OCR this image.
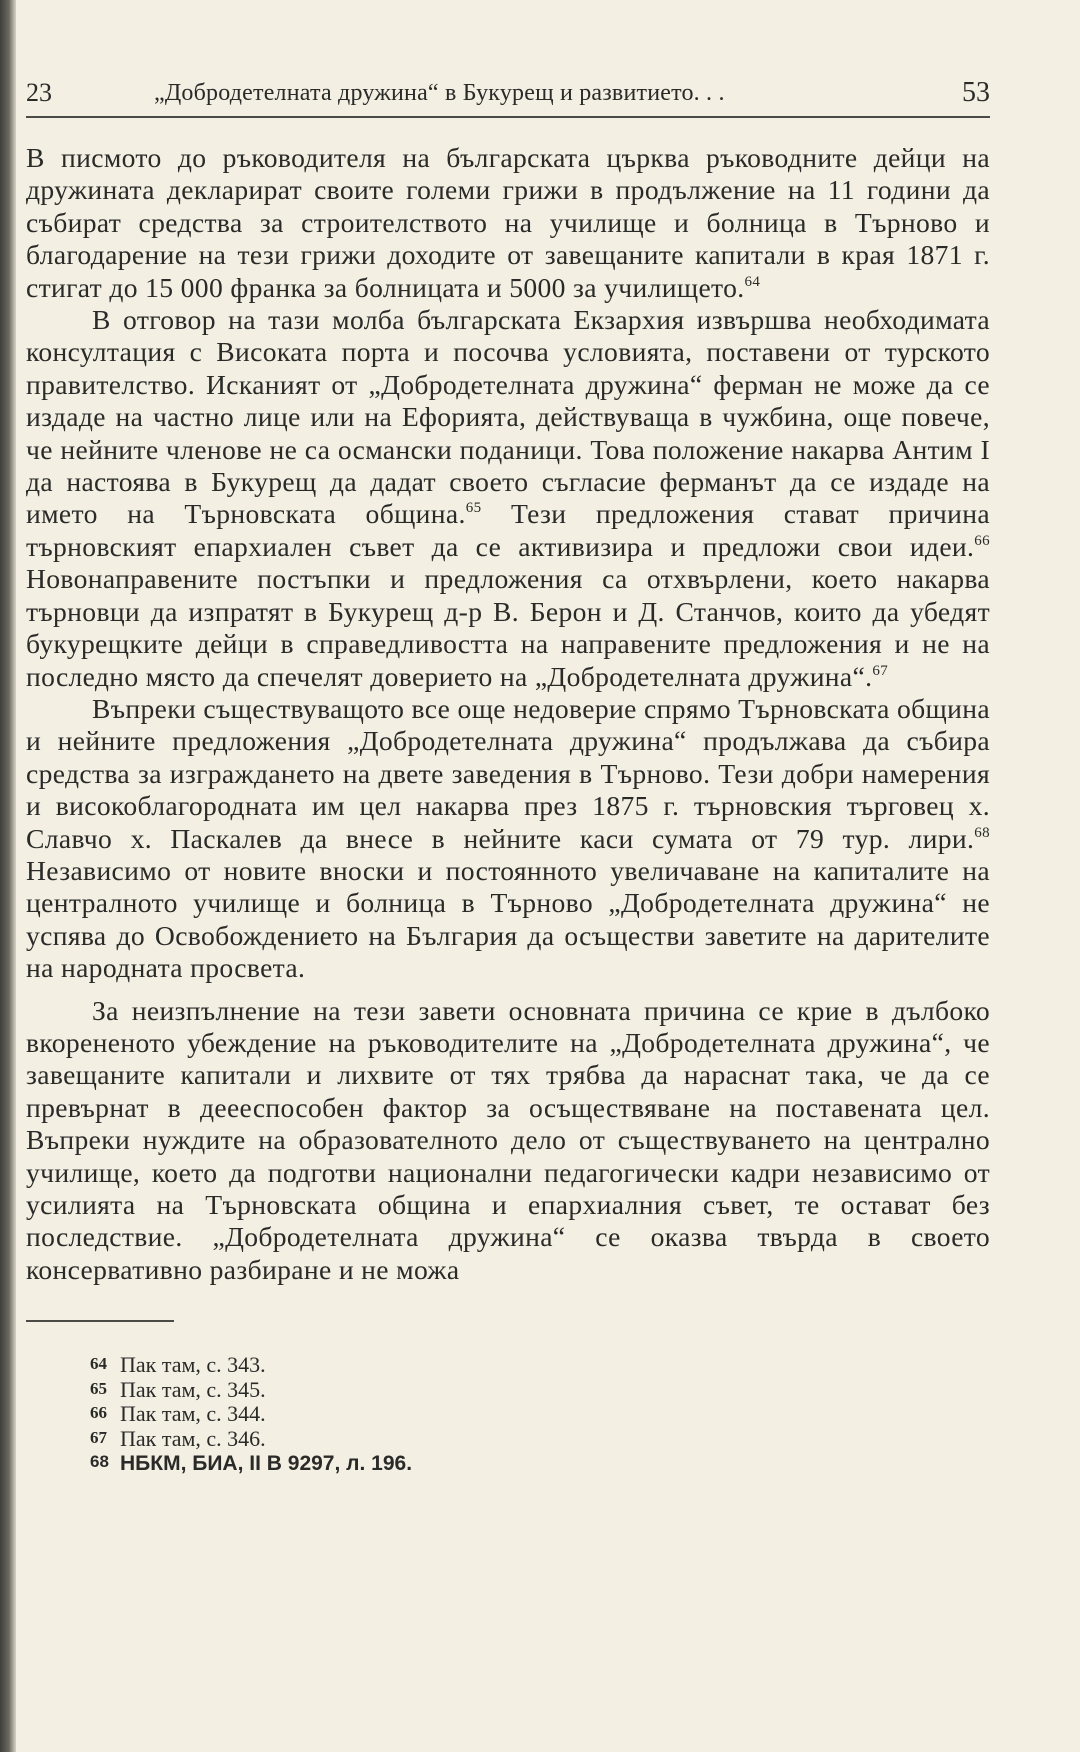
23	„Добродетелната дружина“ в Букурещ и развитието. . .	53

В писмото до ръководителя на българската църква ръководните дейци на дружината декларират своите големи грижи в продължение на 11 години да събират средства за строителството на училище и болница в Търново и благодарение на тези грижи доходите от завещаните капитали в края 1871 г. стигат до 15 000 франка за болницата и 5000 за училището.$^{64}$

В отговор на тази молба българската Екзархия извършва необходимата консултация с Високата порта и посочва условията, поставени от турското правителство. Исканият от „Добродетелната дружина“ ферман не може да се издаде на частно лице или на Ефорията, действуваща в чужбина, още повече, че нейните членове не са османски поданици. Това положение накарва Антим I да настоява в Букурещ да дадат своето съгласие ферманът да се издаде на името на Търновската община.$^{65}$ Тези предложения стават причина търновският епархиален съвет да се активизира и предложи свои идеи.$^{66}$ Новонаправените постъпки и предложения са отхвърлени, което накарва търновци да изпратят в Букурещ д-р В. Берон и Д. Станчов, които да убедят букурещките дейци в справедливостта на направените предложения и не на последно място да спечелят доверието на „Добродетелната дружина“.$^{67}$

Въпреки съществуващото все още недоверие спрямо Търновската община и нейните предложения „Добродетелната дружина“ продължава да събира средства за изграждането на двете заведения в Търново. Тези добри намерения и високоблагородната им цел накарва през 1875 г. търновския търговец х. Славчо х. Паскалев да внесе в нейните каси сумата от 79 тур. лири.$^{68}$ Независимо от новите вноски и постоянното увеличаване на капиталите на централното училище и болница в Търново „Добродетелната дружина“ не успява до Освобождението на България да осъществи заветите на дарителите на народната просвета.

За неизпълнение на тези завети основната причина се крие в дълбоко вкорененото убеждение на ръководителите на „Добродетелната дружина“, че завещаните капитали и лихвите от тях трябва да нараснат така, че да се превърнат в деееспособен фактор за осъществяване на поставената цел. Въпреки нуждите на образователното дело от съществуването на централно училище, което да подготви национални педагогически кадри независимо от усилията на Търновската община и епархиалния съвет, те остават без последствие. „Добродетелната дружина“ се оказва твърда в своето консервативно разбиране и не можа

64 Пак там, с. 343.
65 Пак там, с. 345.
66 Пак там, с. 344.
67 Пак там, с. 346.
68 НБКМ, БИА, II В 9297, л. 196.
